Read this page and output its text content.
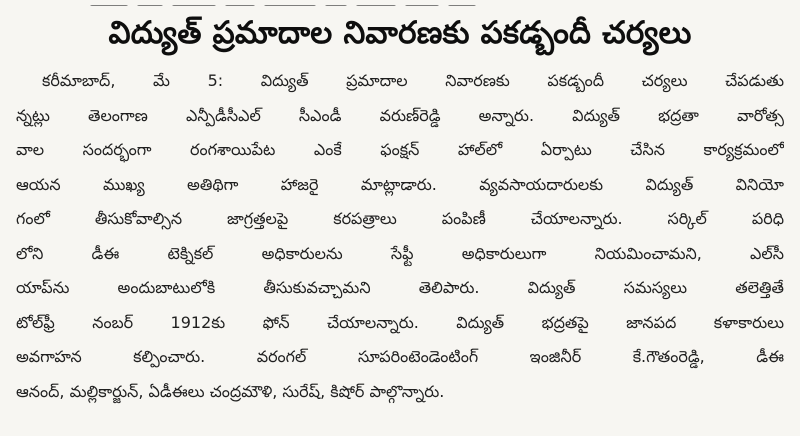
విద్యుత్ ప్రమాదాల నివారణకు పకడ్బందీ చర్యలు
కరీమాబాద్, మే 5: విద్యుత్ ప్రమాదాల నివారణకు పకడ్బందీ చర్యలు చేపడుతు
న్నట్లు తెలంగాణ ఎన్పీడీసీఎల్ సీఎండీ వరుణ్‌రెడ్డి అన్నారు. విద్యుత్ భద్రతా వారోత్స
వాల సందర్భంగా రంగశాయిపేట ఎంకే ఫంక్షన్ హాల్‌లో ఏర్పాటు చేసిన కార్యక్రమంలో
ఆయన ముఖ్య అతిథిగా హాజరై మాట్లాడారు. వ్యవసాయదారులకు విద్యుత్ వినియో
గంలో తీసుకోవాల్సిన జాగ్రత్తలపై కరపత్రాలు పంపిణీ చేయాలన్నారు. సర్కిల్ పరిధి
లోని డీఈ టెక్నికల్ అధికారులను సేఫ్టీ అధికారులుగా నియమించామని, ఎల్‌సీ
యాప్‌ను అందుబాటులోకి తీసుకువచ్చామని తెలిపారు. విద్యుత్ సమస్యలు తలెత్తితే
టోల్‌ఫ్రీ నంబర్ 1912కు ఫోన్ చేయాలన్నారు. విద్యుత్ భద్రతపై జానపద కళాకారులు
అవగాహన కల్పించారు. వరంగల్ సూపరింటెండెంటింగ్ ఇంజినీర్ కే.గౌతంరెడ్డి, డీఈ
ఆనంద్, మల్లికార్జున్, ఏడీఈలు చంద్రమౌళి, సురేష్, కిషోర్ పాల్గొన్నారు.
